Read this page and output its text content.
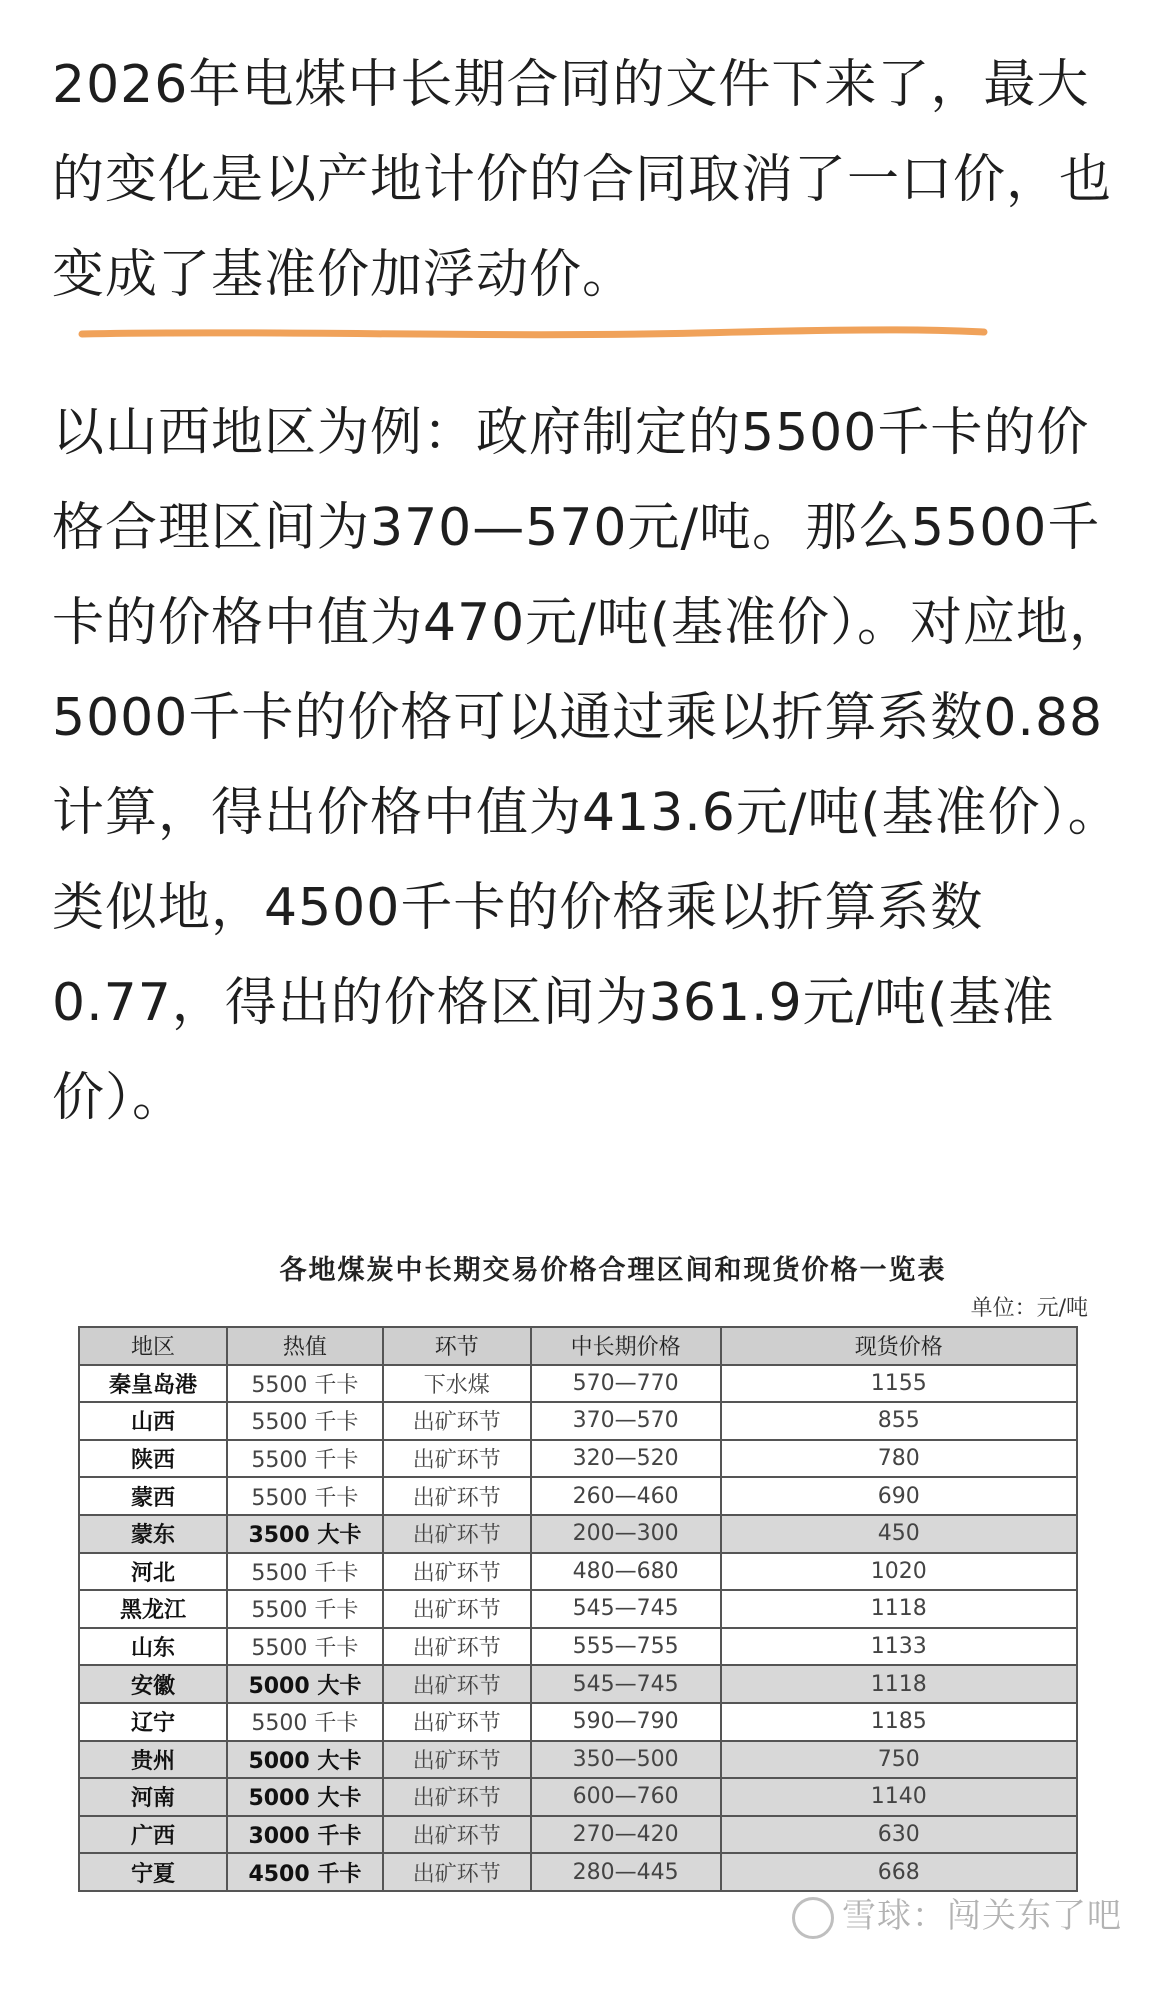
2026年电煤中长期合同的文件下来了，最大的变化是以产地计价的合同取消了一口价，也变成了基准价加浮动价。
以山西地区为例：政府制定的5500千卡的价格合理区间为370—570元/吨。那么5500千卡的价格中值为470元/吨(基准价）。对应地，5000千卡的价格可以通过乘以折算系数0.88计算，得出价格中值为413.6元/吨(基准价）。类似地，4500千卡的价格乘以折算系数0.77，得出的价格区间为361.9元/吨(基准价）。
各地煤炭中长期交易价格合理区间和现货价格一览表
单位：元/吨
地区	热值	环节	中长期价格	现货价格
秦皇岛港	5500 千卡	下水煤	570—770	1155
山西	5500 千卡	出矿环节	370—570	855
陕西	5500 千卡	出矿环节	320—520	780
蒙西	5500 千卡	出矿环节	260—460	690
蒙东	3500 大卡	出矿环节	200—300	450
河北	5500 千卡	出矿环节	480—680	1020
黑龙江	5500 千卡	出矿环节	545—745	1118
山东	5500 千卡	出矿环节	555—755	1133
安徽	5000 大卡	出矿环节	545—745	1118
辽宁	5500 千卡	出矿环节	590—790	1185
贵州	5000 大卡	出矿环节	350—500	750
河南	5000 大卡	出矿环节	600—760	1140
广西	3000 千卡	出矿环节	270—420	630
宁夏	4500 千卡	出矿环节	280—445	668
雪球：闯关东了吧
